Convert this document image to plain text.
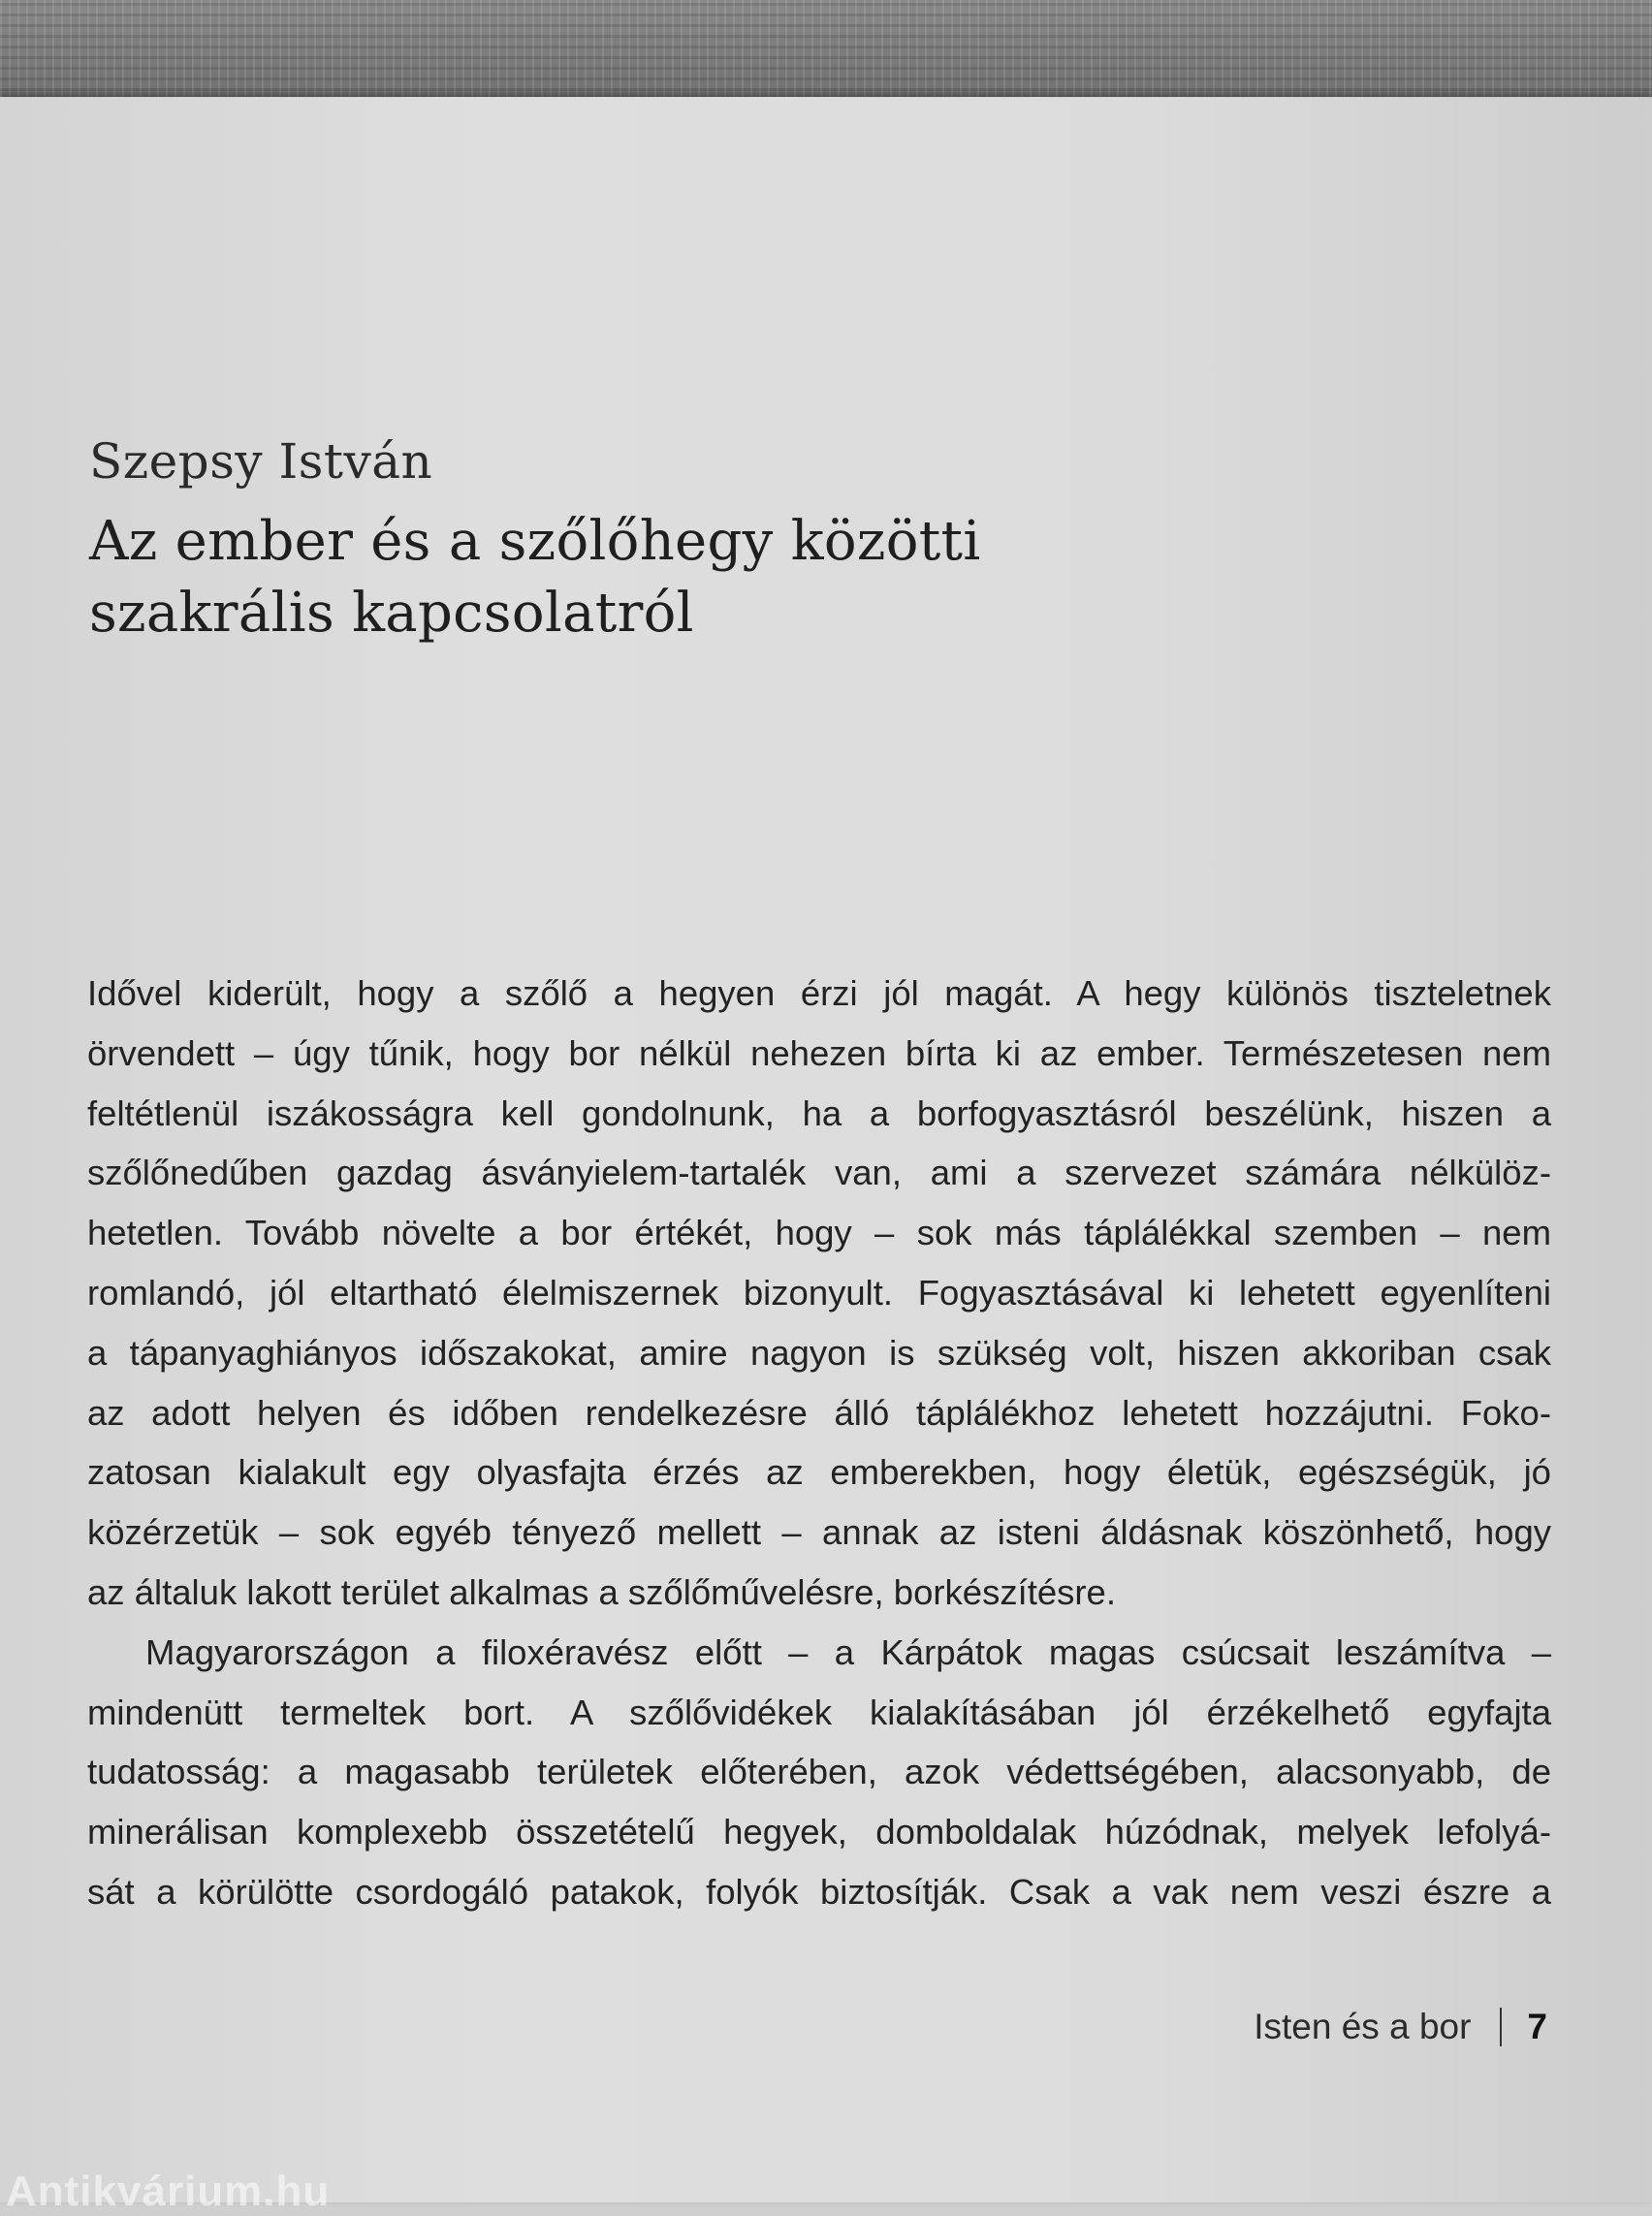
Szepsy István
Az ember és a szőlőhegy közötti
szakrális kapcsolatról
Idővel kiderült, hogy a szőlő a hegyen érzi jól magát. A hegy különös tiszteletnek
örvendett – úgy tűnik, hogy bor nélkül nehezen bírta ki az ember. Természetesen nem
feltétlenül iszákosságra kell gondolnunk, ha a borfogyasztásról beszélünk, hiszen a
szőlőnedűben gazdag ásványielem-tartalék van, ami a szervezet számára nélkülöz-
hetetlen. Tovább növelte a bor értékét, hogy – sok más táplálékkal szemben – nem
romlandó, jól eltartható élelmiszernek bizonyult. Fogyasztásával ki lehetett egyenlíteni
a tápanyaghiányos időszakokat, amire nagyon is szükség volt, hiszen akkoriban csak
az adott helyen és időben rendelkezésre álló táplálékhoz lehetett hozzájutni. Foko-
zatosan kialakult egy olyasfajta érzés az emberekben, hogy életük, egészségük, jó
közérzetük – sok egyéb tényező mellett – annak az isteni áldásnak köszönhető, hogy
az általuk lakott terület alkalmas a szőlőművelésre, borkészítésre.
Magyarországon a filoxéravész előtt – a Kárpátok magas csúcsait leszámítva –
mindenütt termeltek bort. A szőlővidékek kialakításában jól érzékelhető egyfajta
tudatosság: a magasabb területek előterében, azok védettségében, alacsonyabb, de
minerálisan komplexebb összetételű hegyek, domboldalak húzódnak, melyek lefolyá-
sát a körülötte csordogáló patakok, folyók biztosítják. Csak a vak nem veszi észre a
Isten és a bor 7
Antikvárium.hu
